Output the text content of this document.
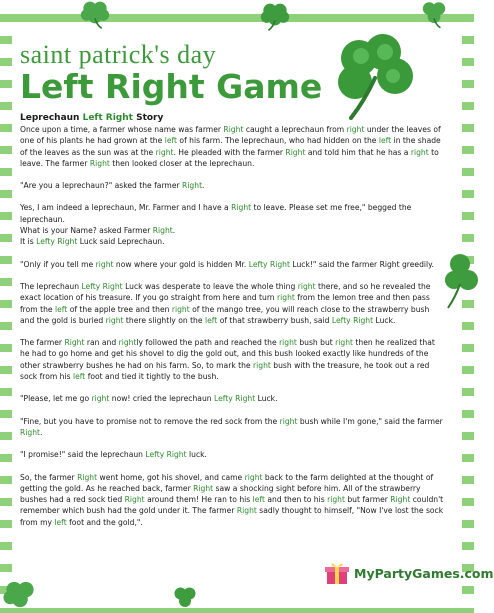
saint patrick's day
Left Right Game
Leprechaun Left Right Story

Once upon a time, a farmer whose name was farmer Right caught a leprechaun from right under the leaves of one of his plants he had grown at the left of his farm. The leprechaun, who had hidden on the left in the shade of the leaves as the sun was at the right. He pleaded with the farmer Right and told him that he has a right to leave. The farmer Right then looked closer at the leprechaun.

"Are you a leprechaun?" asked the farmer Right.

Yes, I am indeed a leprechaun, Mr. Farmer and I have a Right to leave. Please set me free," begged the leprechaun.

What is your Name? asked Farmer Right.

It is Lefty Right Luck said Leprechaun.

"Only if you tell me right now where your gold is hidden Mr. Lefty Right Luck!" said the farmer Right greedily.

The leprechaun Lefty Right Luck was desperate to leave the whole thing right there, and so he revealed the exact location of his treasure. If you go straight from here and turn right from the lemon tree and then pass from the left of the apple tree and then right of the mango tree, you will reach close to the strawberry bush and the gold is buried right there slightly on the left of that strawberry bush, said Lefty Right Luck.

The farmer Right ran and rightly followed the path and reached the right bush but right then he realized that he had to go home and get his shovel to dig the gold out, and this bush looked exactly like hundreds of the other strawberry bushes he had on his farm. So, to mark the right bush with the treasure, he took out a red sock from his left foot and tied it tightly to the bush.

"Please, let me go right now! cried the leprechaun Lefty Right Luck.

"Fine, but you have to promise not to remove the red sock from the right bush while I'm gone," said the farmer Right.

"I promise!" said the leprechaun Lefty Right luck.

So, the farmer Right went home, got his shovel, and came right back to the farm delighted at the thought of getting the gold. As he reached back, farmer Right saw a shocking sight before him. All of the strawberry bushes had a red sock tied Right around them! He ran to his left and then to his right but farmer Right couldn't remember which bush had the gold under it. The farmer Right sadly thought to himself, "Now I've lost the sock from my left foot and the gold,".

MyPartyGames.com
